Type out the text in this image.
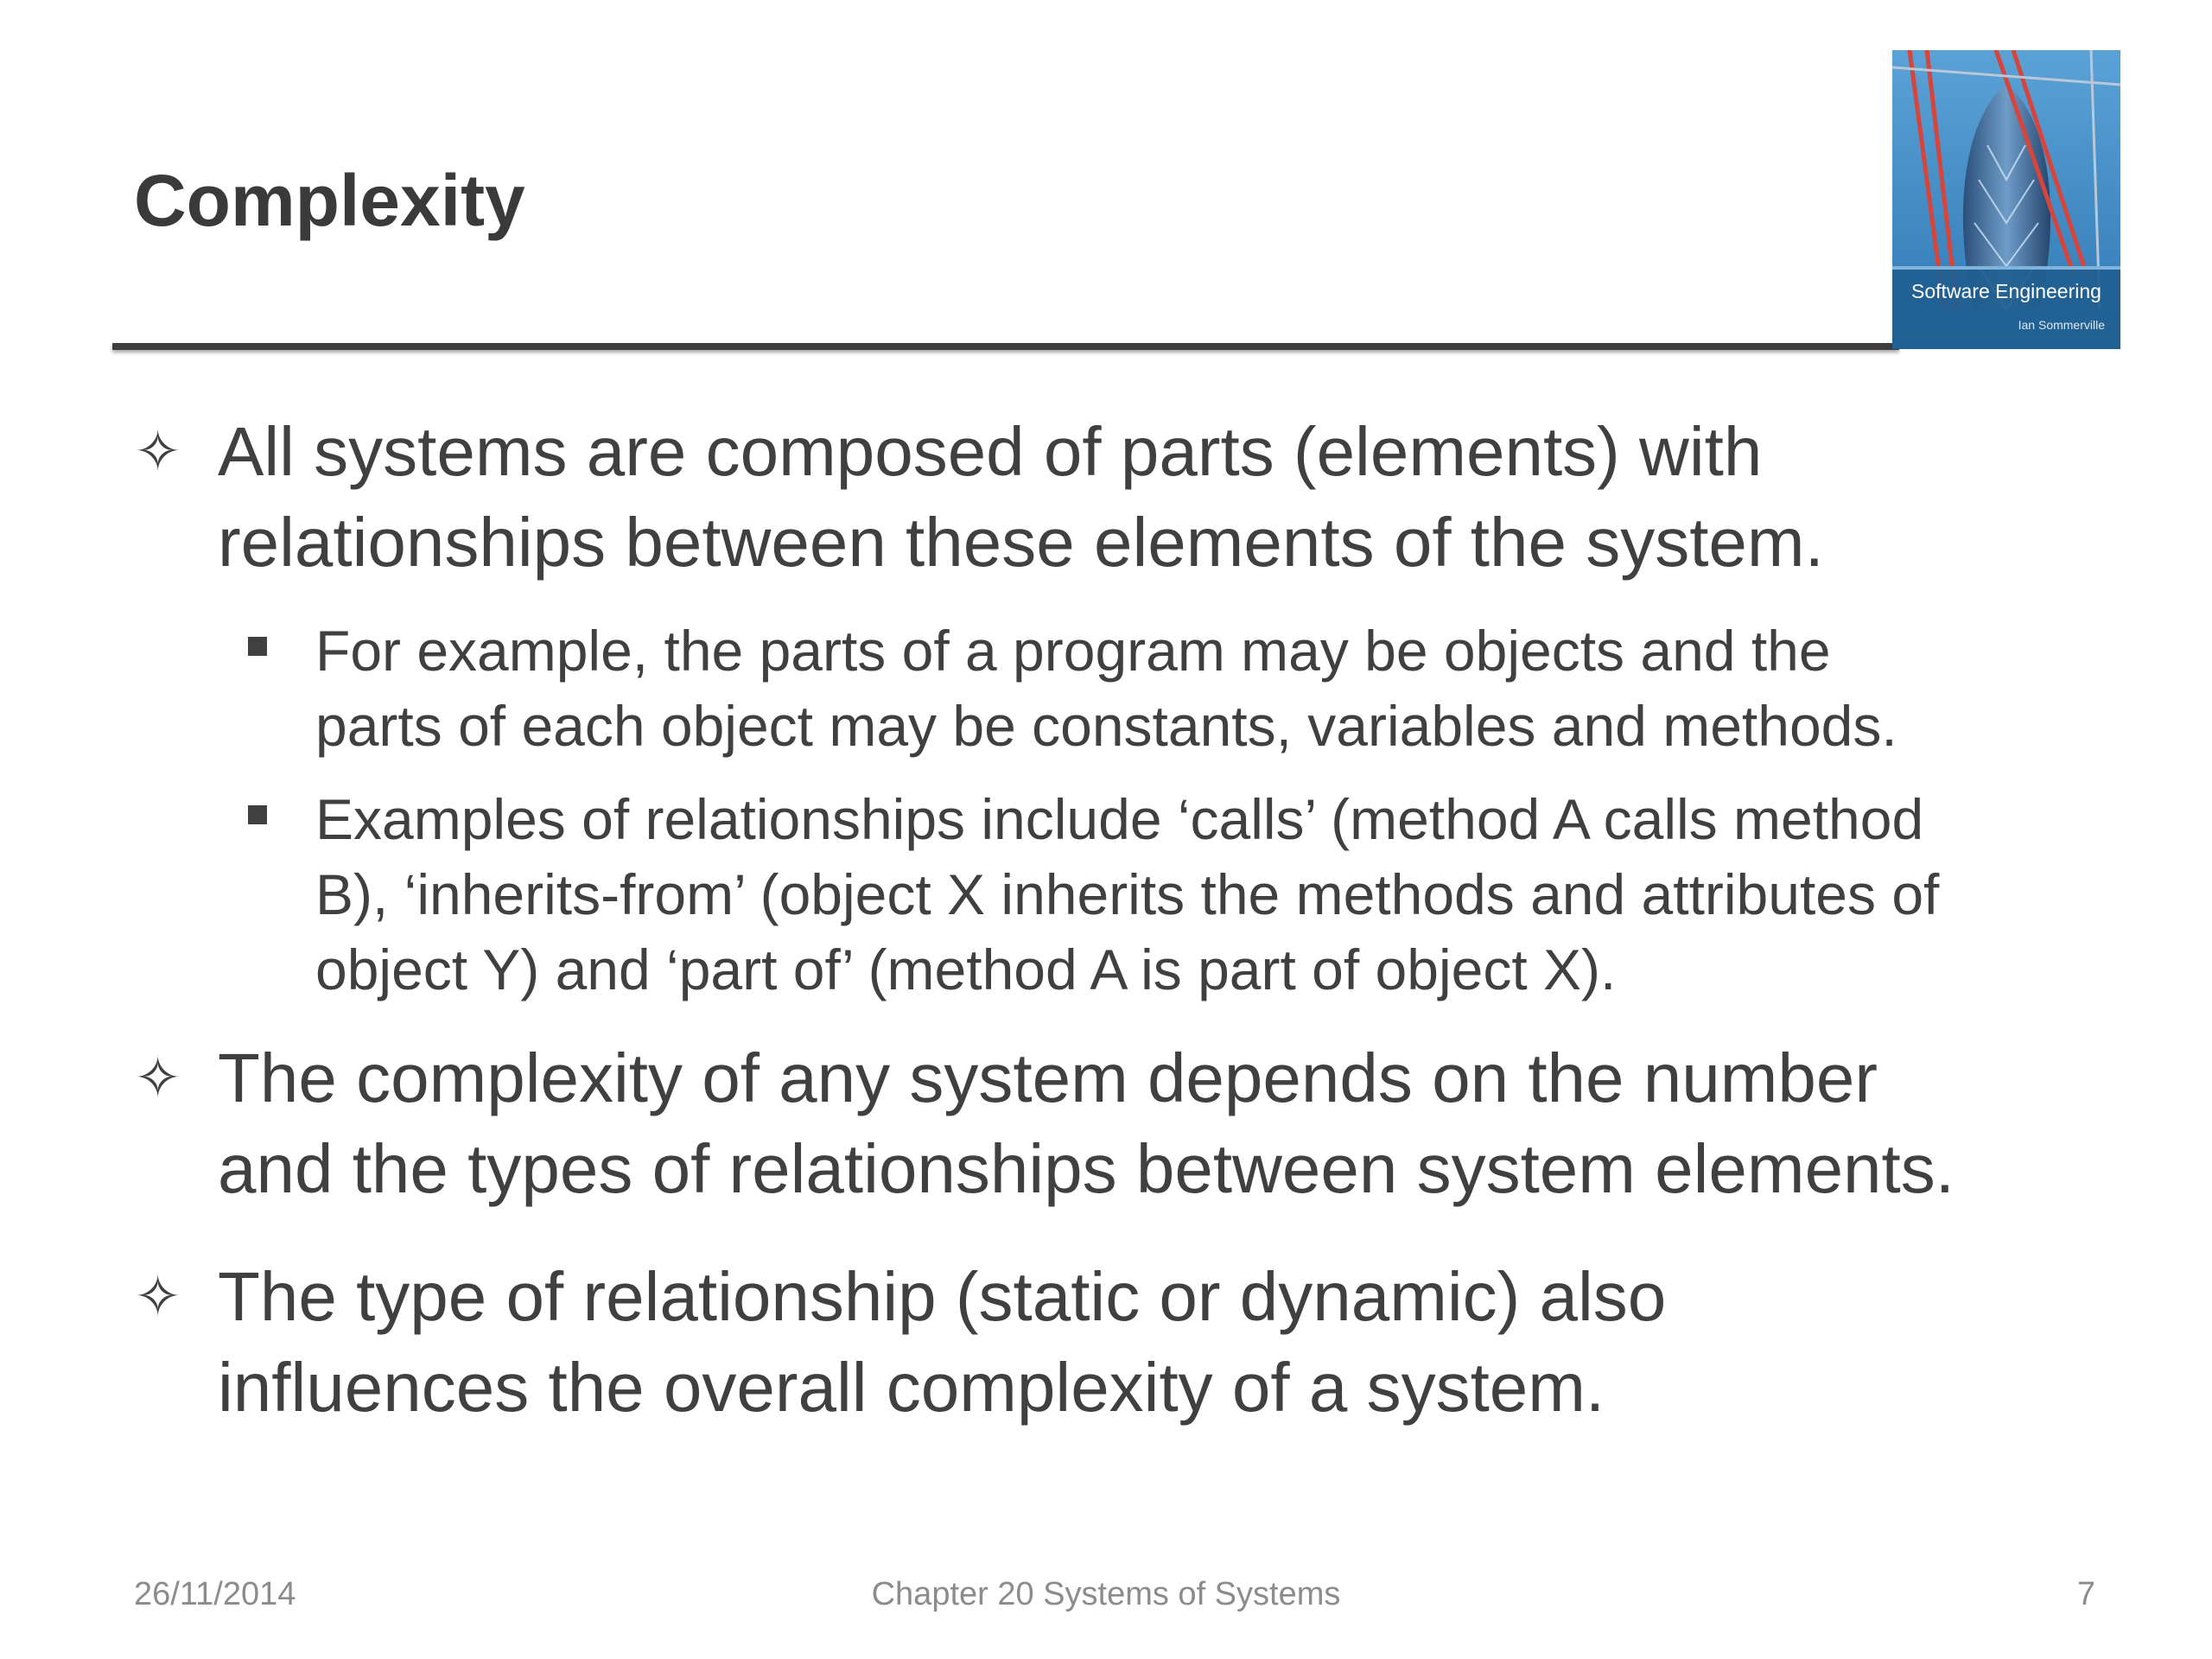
Complexity
Software Engineering
Ian Sommerville
✧ All systems are composed of parts (elements) with
relationships between these elements of the system.
For example, the parts of a program may be objects and the
parts of each object may be constants, variables and methods.
Examples of relationships include ‘calls’ (method A calls method
B), ‘inherits-from’ (object X inherits the methods and attributes of
object Y) and ‘part of’ (method A is part of object X).
✧ The complexity of any system depends on the number
and the types of relationships between system elements.
✧ The type of relationship (static or dynamic) also
influences the overall complexity of a system.
26/11/2014	Chapter 20 Systems of Systems	7
